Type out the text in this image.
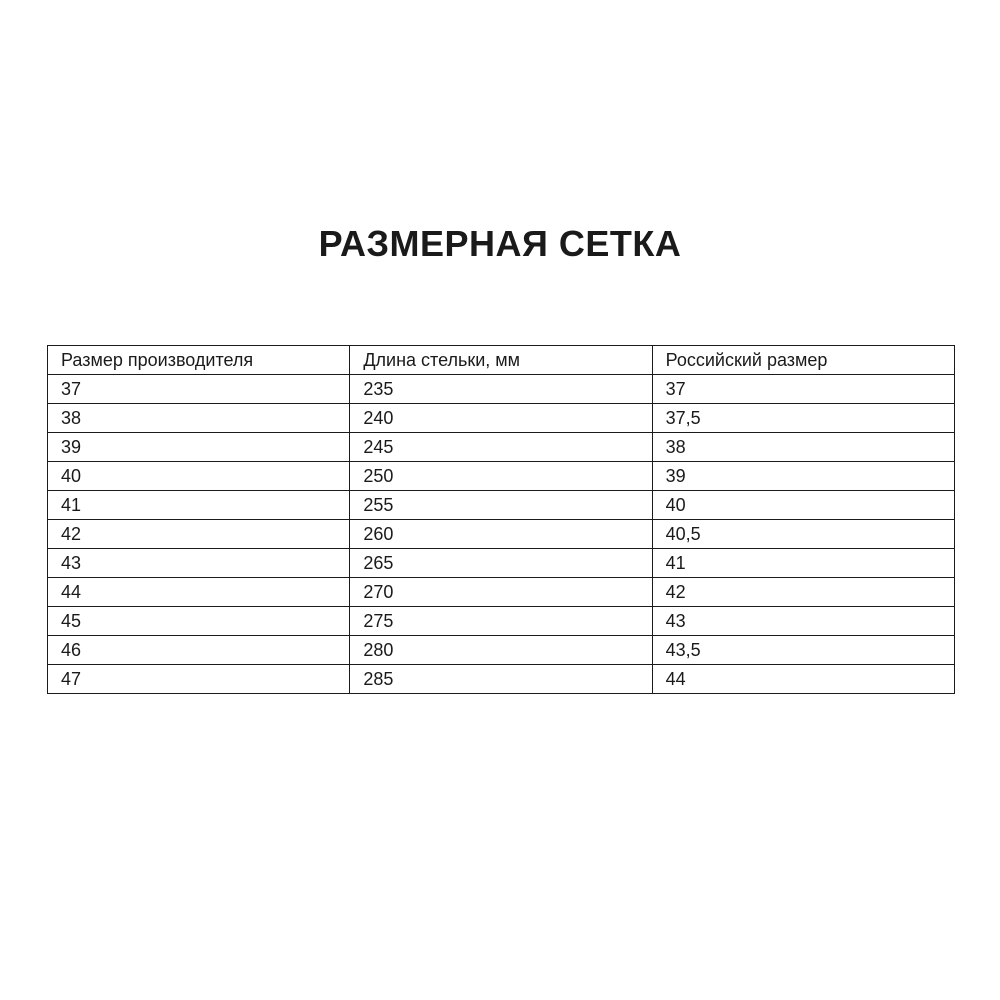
РАЗМЕРНАЯ СЕТКА
Размер производителя	Длина стельки, мм	Российский размер
37	235	37
38	240	37,5
39	245	38
40	250	39
41	255	40
42	260	40,5
43	265	41
44	270	42
45	275	43
46	280	43,5
47	285	44
